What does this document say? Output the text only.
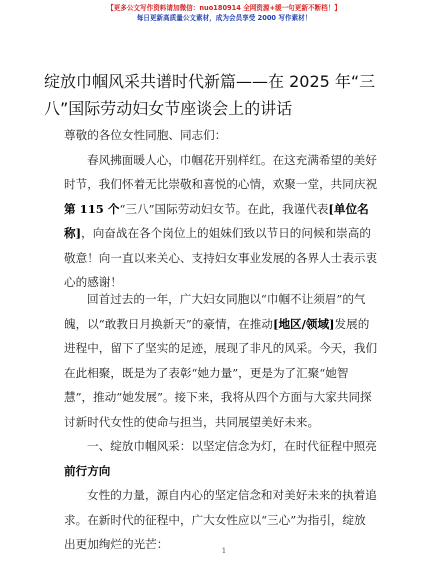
【更多公文写作资料请加微信：nuo180914 全网资源+缓一句更新不断档！】
每日更新高质量公文素材，成为会员享受 2000 写作素材！
绽放巾帼风采共谱时代新篇——在 2025 年“三
八”国际劳动妇女节座谈会上的讲话
尊敬的各位女性同胞、同志们：
春风拂面暖人心，巾帼花开别样红。在这充满希望的美好
时节，我们怀着无比崇敬和喜悦的心情，欢聚一堂，共同庆祝
第 115 个“三八”国际劳动妇女节。在此，我谨代表[单位名
称]，向奋战在各个岗位上的姐妹们致以节日的问候和崇高的
敬意！向一直以来关心、支持妇女事业发展的各界人士表示衷
心的感谢！
回首过去的一年，广大妇女同胞以“巾帼不让须眉”的气
魄，以“敢教日月换新天”的豪情，在推动[地区/领域]发展的
进程中，留下了坚实的足迹，展现了非凡的风采。今天，我们
在此相聚，既是为了表彰“她力量”，更是为了汇聚“她智
慧”，推动“她发展”。接下来，我将从四个方面与大家共同探
讨新时代女性的使命与担当，共同展望美好未来。
一、绽放巾帼风采：以坚定信念为灯，在时代征程中照亮
前行方向
女性的力量，源自内心的坚定信念和对美好未来的执着追
求。在新时代的征程中，广大女性应以“三心”为指引，绽放
出更加绚烂的光芒：	1
